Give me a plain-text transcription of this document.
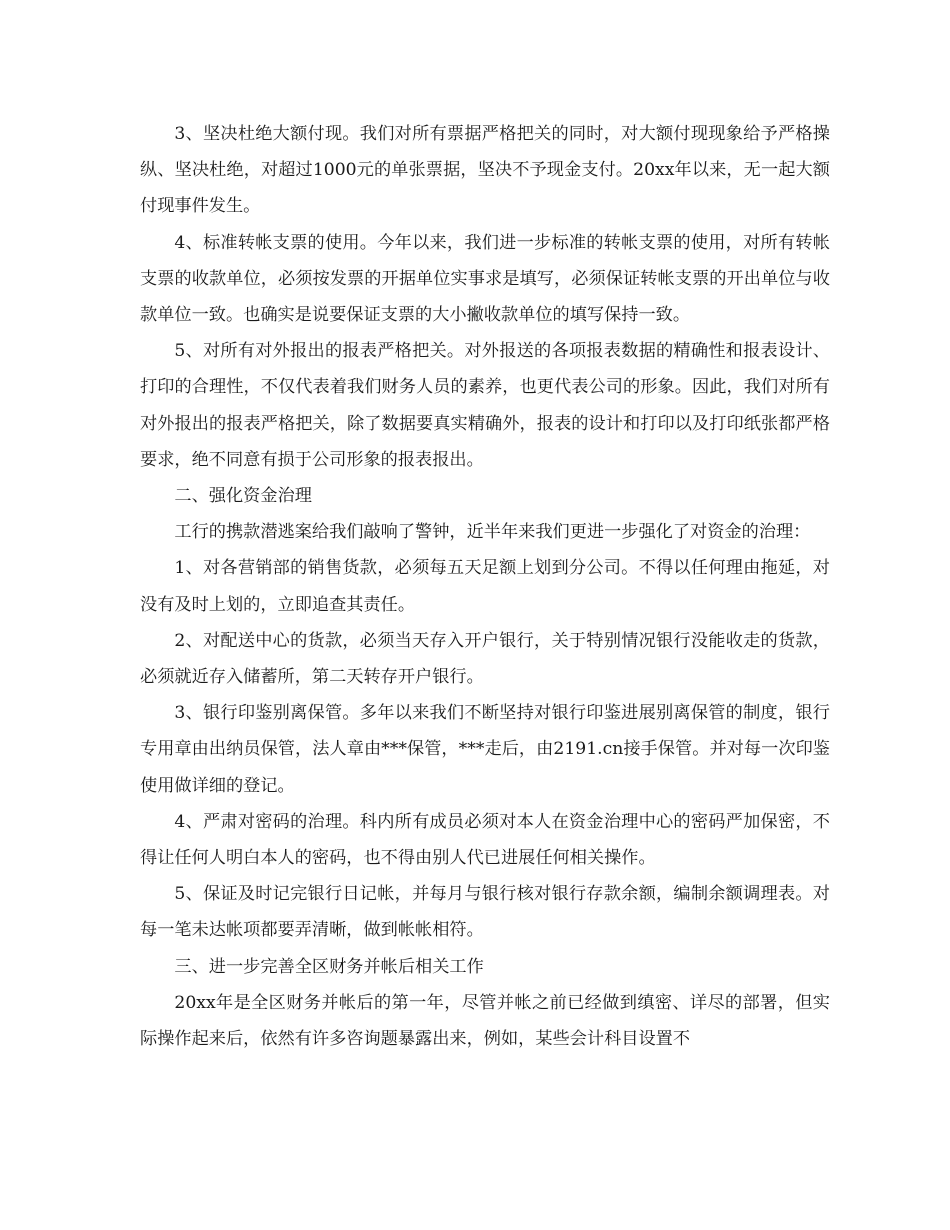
3、坚决杜绝大额付现。我们对所有票据严格把关的同时，对大额付现现象给予严格操纵、坚决杜绝，对超过1000元的单张票据，坚决不予现金支付。20xx年以来，无一起大额付现事件发生。

4、标准转帐支票的使用。今年以来，我们进一步标准的转帐支票的使用，对所有转帐支票的收款单位，必须按发票的开据单位实事求是填写，必须保证转帐支票的开出单位与收款单位一致。也确实是说要保证支票的大小撇收款单位的填写保持一致。

5、对所有对外报出的报表严格把关。对外报送的各项报表数据的精确性和报表设计、打印的合理性，不仅代表着我们财务人员的素养，也更代表公司的形象。因此，我们对所有对外报出的报表严格把关，除了数据要真实精确外，报表的设计和打印以及打印纸张都严格要求，绝不同意有损于公司形象的报表报出。

二、强化资金治理

工行的携款潜逃案给我们敲响了警钟，近半年来我们更进一步强化了对资金的治理：

1、对各营销部的销售货款，必须每五天足额上划到分公司。不得以任何理由拖延，对没有及时上划的，立即追查其责任。

2、对配送中心的货款，必须当天存入开户银行，关于特别情况银行没能收走的货款，必须就近存入储蓄所，第二天转存开户银行。

3、银行印鉴别离保管。多年以来我们不断坚持对银行印鉴进展别离保管的制度，银行专用章由出纳员保管，法人章由***保管，***走后，由2191.cn接手保管。并对每一次印鉴使用做详细的登记。

4、严肃对密码的治理。科内所有成员必须对本人在资金治理中心的密码严加保密，不得让任何人明白本人的密码，也不得由别人代已进展任何相关操作。

5、保证及时记完银行日记帐，并每月与银行核对银行存款余额，编制余额调理表。对每一笔未达帐项都要弄清晰，做到帐帐相符。

三、进一步完善全区财务并帐后相关工作

20xx年是全区财务并帐后的第一年，尽管并帐之前已经做到缜密、详尽的部署，但实际操作起来后，依然有许多咨询题暴露出来，例如，某些会计科目设置不
